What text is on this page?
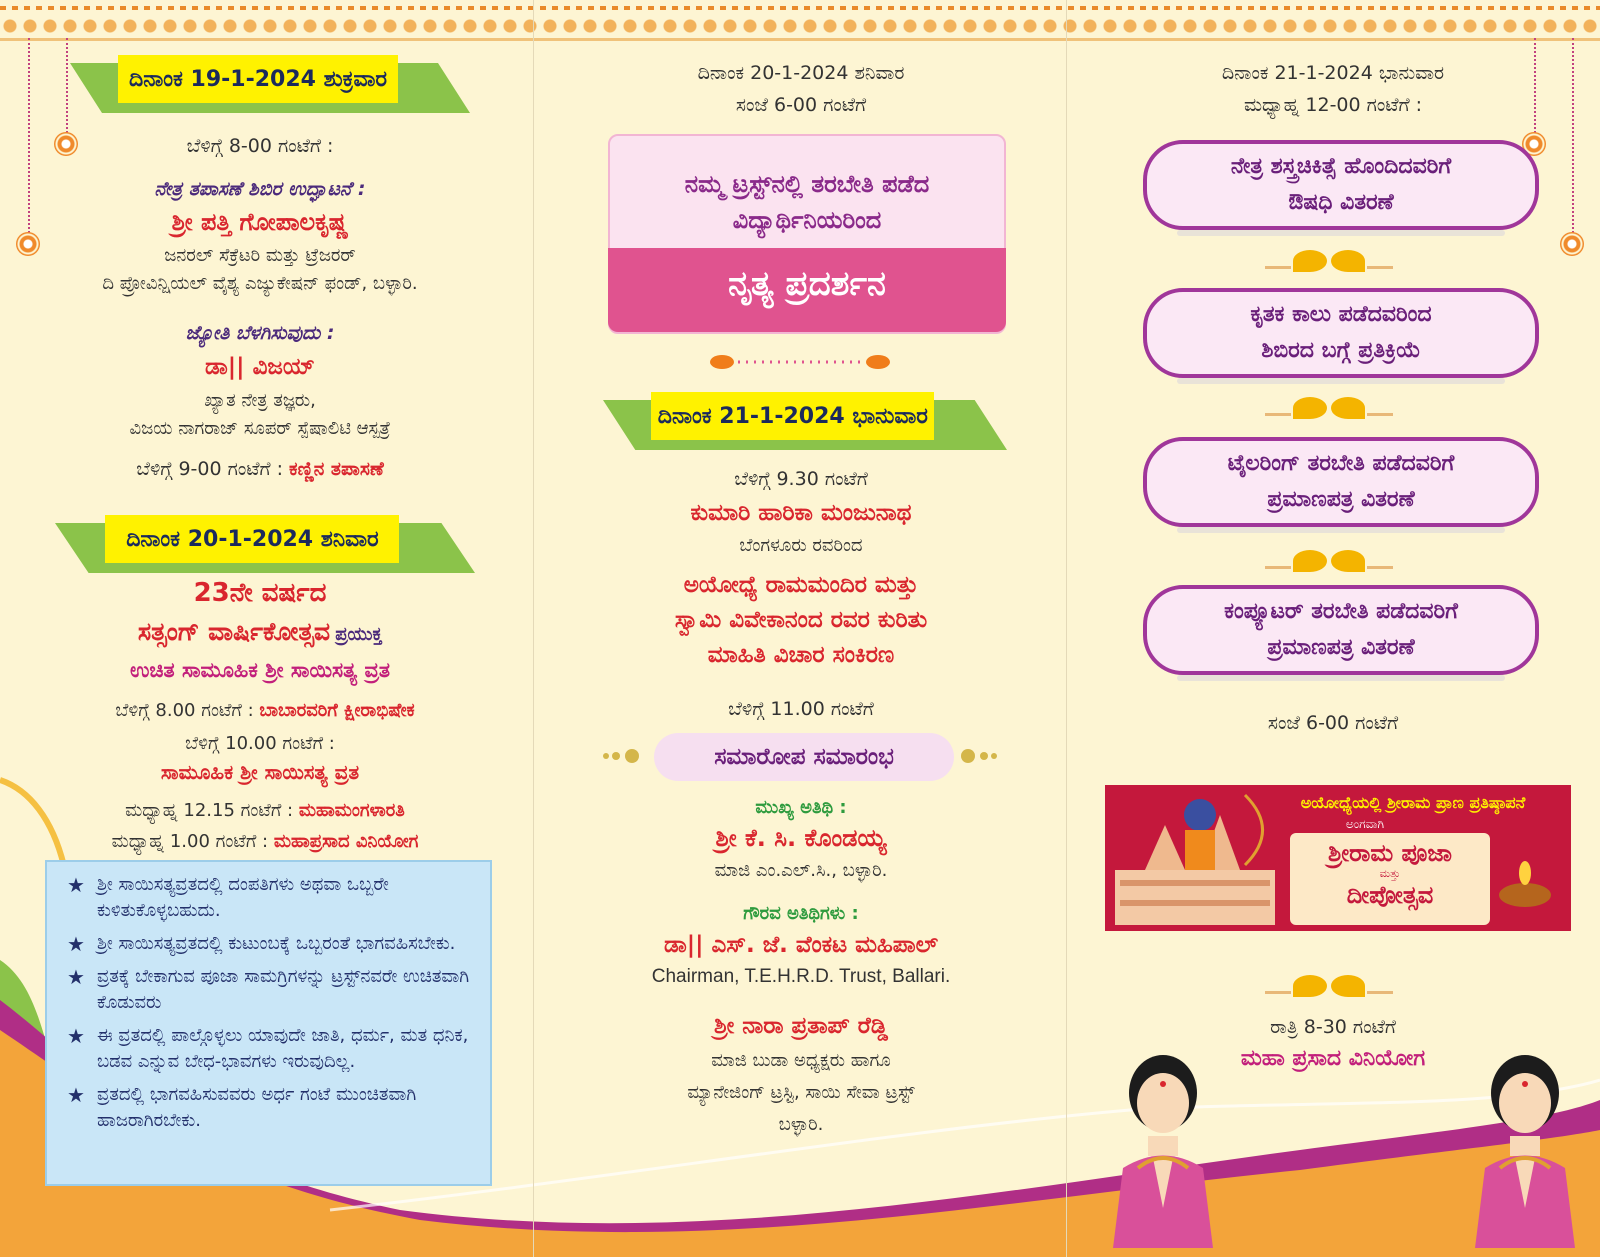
ದಿನಾಂಕ 19-1-2024 ಶುಕ್ರವಾರ
ಬೆಳಿಗ್ಗೆ 8-00 ಗಂಟೆಗೆ :
ನೇತ್ರ ತಪಾಸಣೆ ಶಿಬಿರ ಉದ್ಘಾಟನೆ :
ಶ್ರೀ ಪತ್ತಿ ಗೋಪಾಲಕೃಷ್ಣ
ಜನರಲ್ ಸೆಕ್ರೆಟರಿ ಮತ್ತು ಟ್ರೆಜರರ್
ದಿ ಪ್ರೋವಿನ್ಷಿಯಲ್ ವೈಶ್ಯ ಎಜ್ಯುಕೇಷನ್ ಫಂಡ್, ಬಳ್ಳಾರಿ.
ಜ್ಯೋತಿ ಬೆಳಗಿಸುವುದು :
ಡಾ|| ವಿಜಯ್
ಖ್ಯಾತ ನೇತ್ರ ತಜ್ಞರು,
ವಿಜಯ ನಾಗರಾಜ್ ಸೂಪರ್ ಸ್ಪೆಷಾಲಿಟಿ ಆಸ್ಪತ್ರೆ
ಬೆಳಿಗ್ಗೆ 9-00 ಗಂಟೆಗೆ : ಕಣ್ಣಿನ ತಪಾಸಣೆ
ದಿನಾಂಕ 20-1-2024 ಶನಿವಾರ
23ನೇ ವರ್ಷದ
ಸತ್ಸಂಗ್ ವಾರ್ಷಿಕೋತ್ಸವ ಪ್ರಯುಕ್ತ
ಉಚಿತ ಸಾಮೂಹಿಕ ಶ್ರೀ ಸಾಯಿಸತ್ಯ ವ್ರತ
ಬೆಳಿಗ್ಗೆ 8.00 ಗಂಟೆಗೆ : ಬಾಬಾರವರಿಗೆ ಕ್ಷೀರಾಭಿಷೇಕ
ಬೆಳಿಗ್ಗೆ 10.00 ಗಂಟೆಗೆ :
ಸಾಮೂಹಿಕ ಶ್ರೀ ಸಾಯಿಸತ್ಯ ವ್ರತ
ಮಧ್ಯಾಹ್ನ 12.15 ಗಂಟೆಗೆ : ಮಹಾಮಂಗಳಾರತಿ
ಮಧ್ಯಾಹ್ನ 1.00 ಗಂಟೆಗೆ : ಮಹಾಪ್ರಸಾದ ವಿನಿಯೋಗ
★ ಶ್ರೀ ಸಾಯಿಸತ್ಯವ್ರತದಲ್ಲಿ ದಂಪತಿಗಳು ಅಥವಾ ಒಬ್ಬರೇ ಕುಳಿತುಕೊಳ್ಳಬಹುದು.
★ ಶ್ರೀ ಸಾಯಿಸತ್ಯವ್ರತದಲ್ಲಿ ಕುಟುಂಬಕ್ಕೆ ಒಬ್ಬರಂತೆ ಭಾಗವಹಿಸಬೇಕು.
★ ವ್ರತಕ್ಕೆ ಬೇಕಾಗುವ ಪೂಜಾ ಸಾಮಗ್ರಿಗಳನ್ನು ಟ್ರಸ್ಟ್‌ನವರೇ ಉಚಿತವಾಗಿ ಕೊಡುವರು
★ ಈ ವ್ರತದಲ್ಲಿ ಪಾಲ್ಗೊಳ್ಳಲು ಯಾವುದೇ ಜಾತಿ, ಧರ್ಮ, ಮತ ಧನಿಕ, ಬಡವ ಎನ್ನುವ ಬೇಧ-ಭಾವಗಳು ಇರುವುದಿಲ್ಲ.
★ ವ್ರತದಲ್ಲಿ ಭಾಗವಹಿಸುವವರು ಅರ್ಧ ಗಂಟೆ ಮುಂಚಿತವಾಗಿ ಹಾಜರಾಗಿರಬೇಕು.
ದಿನಾಂಕ 20-1-2024 ಶನಿವಾರ
ಸಂಜೆ 6-00 ಗಂಟೆಗೆ
ನಮ್ಮ ಟ್ರಸ್ಟ್‌ನಲ್ಲಿ ತರಬೇತಿ ಪಡೆದ
ವಿದ್ಯಾರ್ಥಿನಿಯರಿಂದ
ನೃತ್ಯ ಪ್ರದರ್ಶನ
ದಿನಾಂಕ 21-1-2024 ಭಾನುವಾರ
ಬೆಳಿಗ್ಗೆ 9.30 ಗಂಟೆಗೆ
ಕುಮಾರಿ ಹಾರಿಕಾ ಮಂಜುನಾಥ
ಬೆಂಗಳೂರು ರವರಿಂದ
ಅಯೋಧ್ಯೆ ರಾಮಮಂದಿರ ಮತ್ತು
ಸ್ವಾಮಿ ವಿವೇಕಾನಂದ ರವರ ಕುರಿತು
ಮಾಹಿತಿ ವಿಚಾರ ಸಂಕಿರಣ
ಬೆಳಿಗ್ಗೆ 11.00 ಗಂಟೆಗೆ
ಸಮಾರೋಪ ಸಮಾರಂಭ
ಮುಖ್ಯ ಅತಿಥಿ :
ಶ್ರೀ ಕೆ. ಸಿ. ಕೊಂಡಯ್ಯ
ಮಾಜಿ ಎಂ.ಎಲ್.ಸಿ., ಬಳ್ಳಾರಿ.
ಗೌರವ ಅತಿಥಿಗಳು :
ಡಾ|| ಎಸ್. ಜೆ. ವೆಂಕಟ ಮಹಿಪಾಲ್
Chairman, T.E.H.R.D. Trust, Ballari.
ಶ್ರೀ ನಾರಾ ಪ್ರತಾಪ್ ರೆಡ್ಡಿ
ಮಾಜಿ ಬುಡಾ ಅಧ್ಯಕ್ಷರು ಹಾಗೂ
ಮ್ಯಾನೇಜಿಂಗ್ ಟ್ರಸ್ಟಿ, ಸಾಯಿ ಸೇವಾ ಟ್ರಸ್ಟ್
ಬಳ್ಳಾರಿ.
ದಿನಾಂಕ 21-1-2024 ಭಾನುವಾರ
ಮಧ್ಯಾಹ್ನ 12-00 ಗಂಟೆಗೆ :
ನೇತ್ರ ಶಸ್ತ್ರಚಿಕಿತ್ಸೆ ಹೊಂದಿದವರಿಗೆ
ಔಷಧಿ ವಿತರಣೆ
ಕೃತಕ ಕಾಲು ಪಡೆದವರಿಂದ
ಶಿಬಿರದ ಬಗ್ಗೆ ಪ್ರತಿಕ್ರಿಯೆ
ಟೈಲರಿಂಗ್ ತರಬೇತಿ ಪಡೆದವರಿಗೆ
ಪ್ರಮಾಣಪತ್ರ ವಿತರಣೆ
ಕಂಪ್ಯೂಟರ್ ತರಬೇತಿ ಪಡೆದವರಿಗೆ
ಪ್ರಮಾಣಪತ್ರ ವಿತರಣೆ
ಸಂಜೆ 6-00 ಗಂಟೆಗೆ
ಅಯೋಧ್ಯೆಯಲ್ಲಿ ಶ್ರೀರಾಮ ಪ್ರಾಣ ಪ್ರತಿಷ್ಠಾಪನೆ
ಅಂಗವಾಗಿ
ಶ್ರೀರಾಮ ಪೂಜಾ
ಮತ್ತು
ದೀಪೋತ್ಸವ
ರಾತ್ರಿ 8-30 ಗಂಟೆಗೆ
ಮಹಾ ಪ್ರಸಾದ ವಿನಿಯೋಗ
